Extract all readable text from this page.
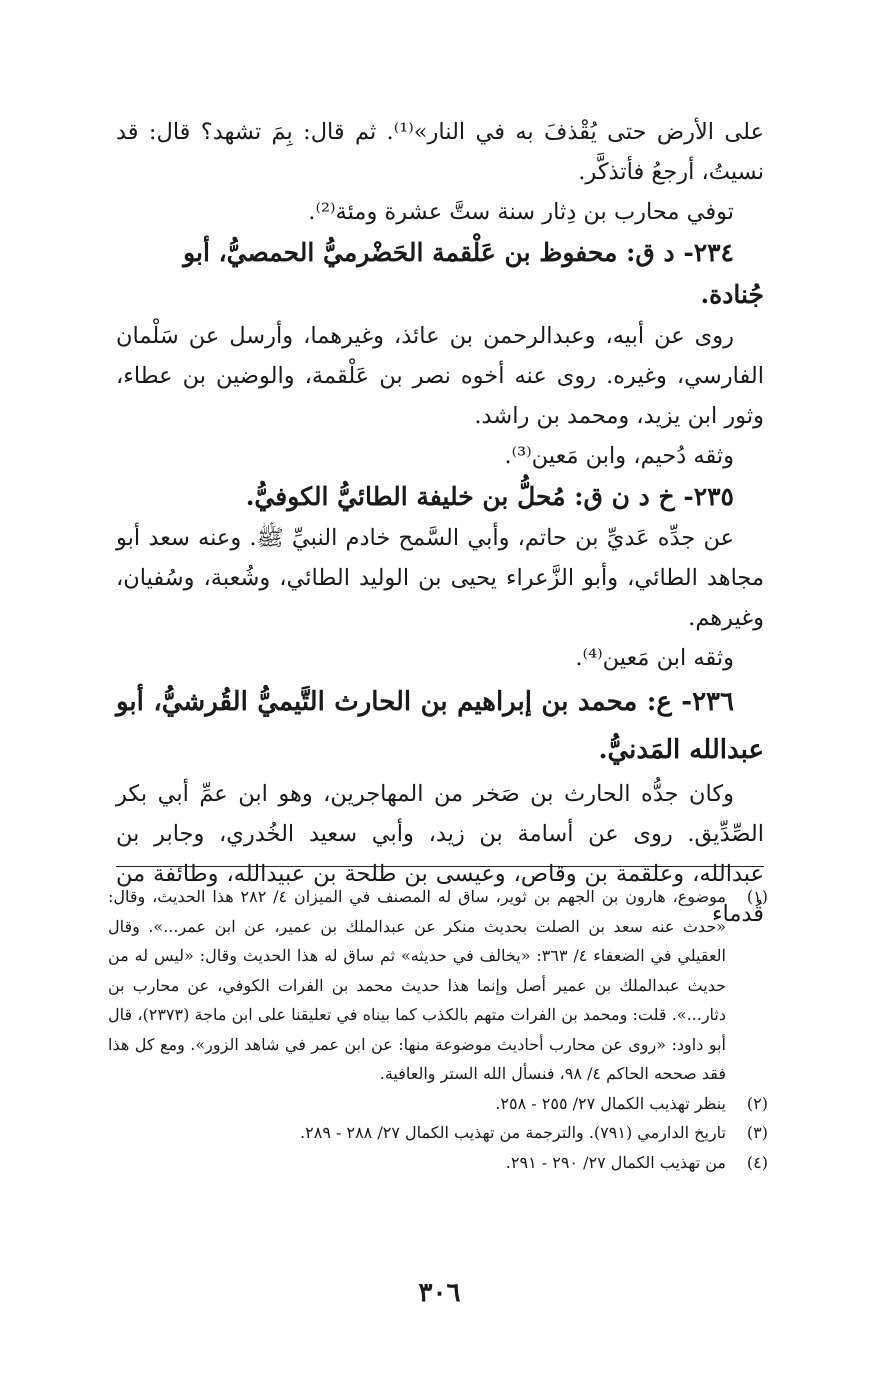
على الأرض حتى يُقْذفَ به في النار»⁽¹⁾. ثم قال: بِمَ تشهد؟ قال: قد نسيتُ، أرجعُ فأتذكَّر.

توفي محارب بن دِثار سنة ستَّ عشرة ومئة⁽²⁾.

٢٣٤- د ق: محفوظ بن عَلْقمة الحَضْرميُّ الحمصيُّ، أبو جُنادة.

روى عن أبيه، وعبدالرحمن بن عائذ، وغيرهما، وأرسل عن سَلْمان الفارسي، وغيره. روى عنه أخوه نصر بن عَلْقمة، والوضين بن عطاء، وثور ابن يزيد، ومحمد بن راشد.

وثقه دُحيم، وابن مَعين⁽³⁾.

٢٣٥- خ د ن ق: مُحلُّ بن خليفة الطائيُّ الكوفيُّ.

عن جدِّه عَديِّ بن حاتم، وأبي السَّمح خادم النبيِّ ﷺ. وعنه سعد أبو مجاهد الطائي، وأبو الزَّعراء يحيى بن الوليد الطائي، وشُعبة، وسُفيان، وغيرهم.

وثقه ابن مَعين⁽⁴⁾.

٢٣٦- ع: محمد بن إبراهيم بن الحارث التَّيميُّ القُرشيُّ، أبو عبدالله المَدنيُّ.

وكان جدُّه الحارث بن صَخر من المهاجرين، وهو ابن عمِّ أبي بكر الصِّدِّيق. روى عن أسامة بن زيد، وأبي سعيد الخُدري، وجابر بن عبدالله، وعلقمة بن وقاص، وعيسى بن طلحة بن عبيدالله، وطائفة من قُدماء

(١)
موضوع، هارون بن الجهم بن ثوير، ساق له المصنف في الميزان ٤/ ٢٨٢ هذا الحديث، وقال: «حدث عنه سعد بن الصلت بحديث منكر عن عبدالملك بن عمير، عن ابن عمر...». وقال العقيلي في الضعفاء ٤/ ٣٦٣: «يخالف في حديثه» ثم ساق له هذا الحديث وقال: «ليس له من حديث عبدالملك بن عمير أصل وإنما هذا حديث محمد بن الفرات الكوفي، عن محارب بن دثار...». قلت: ومحمد بن الفرات متهم بالكذب كما بيناه في تعليقنا على ابن ماجة (٢٣٧٣)، قال أبو داود: «روى عن محارب أحاديث موضوعة منها: عن ابن عمر في شاهد الزور». ومع كل هذا فقد صححه الحاكم ٤/ ٩٨، فنسأل الله الستر والعافية.
(٢)
ينظر تهذيب الكمال ٢٧/ ٢٥٥ - ٢٥٨.
(٣)
تاريخ الدارمي (٧٩١). والترجمة من تهذيب الكمال ٢٧/ ٢٨٨ - ٢٨٩.
(٤)
من تهذيب الكمال ٢٧/ ٢٩٠ - ٢٩١.
٣٠٦
